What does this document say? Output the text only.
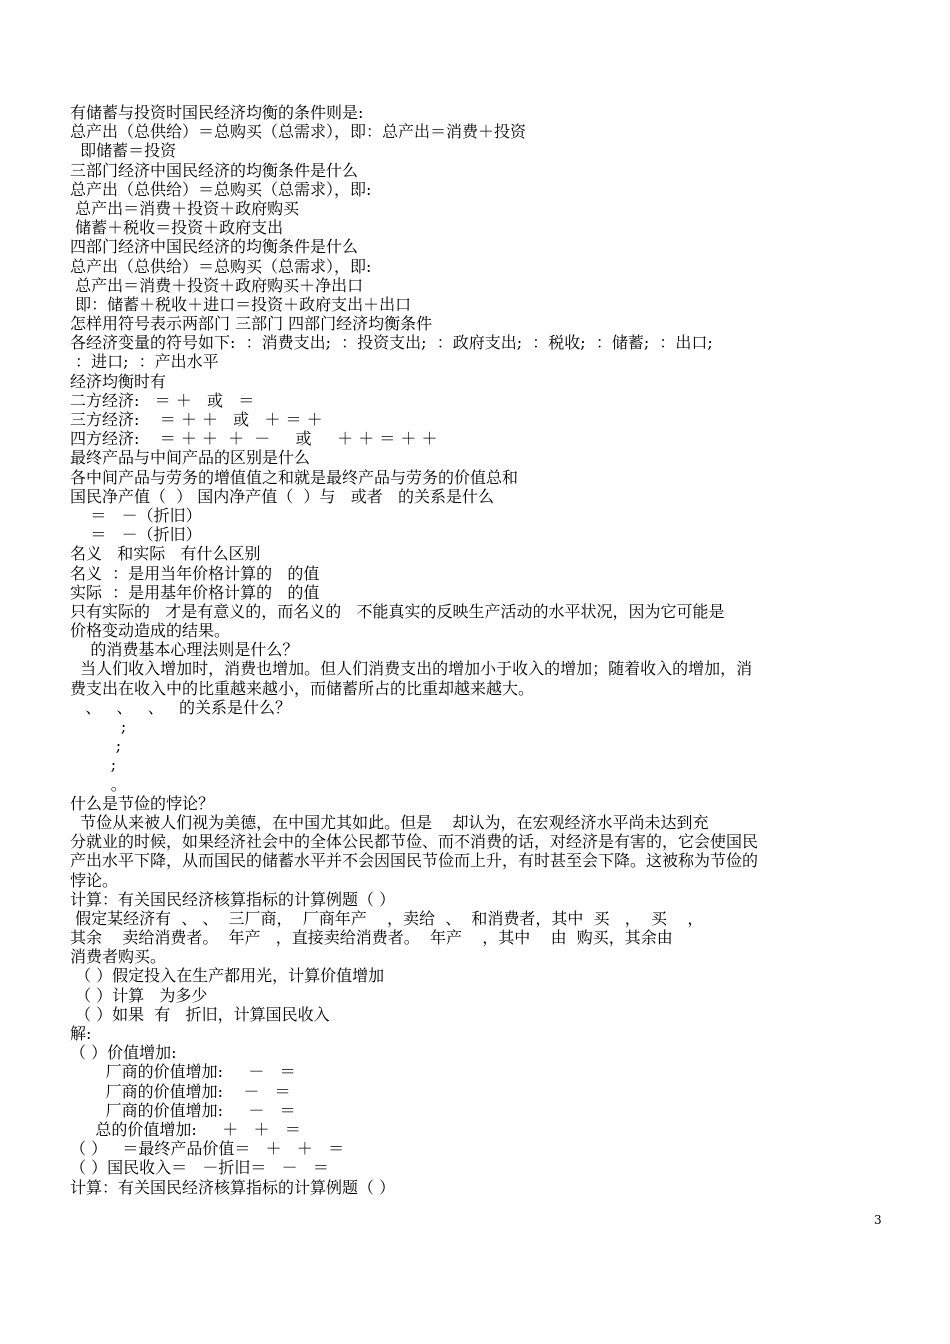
有储蓄与投资时国民经济均衡的条件则是:
总产出（总供给）＝总购买（总需求），即：总产出＝消费＋投资
即储蓄＝投资
三部门经济中国民经济的均衡条件是什么
总产出（总供给）＝总购买（总需求），即:
总产出＝消费＋投资＋政府购买
储蓄＋税收＝投资＋政府支出
四部门经济中国民经济的均衡条件是什么
总产出（总供给）＝总购买（总需求），即:
总产出＝消费＋投资＋政府购买＋净出口
即：储蓄＋税收＋进口＝投资＋政府支出＋出口
怎样用符号表示两部门 三部门 四部门经济均衡条件
各经济变量的符号如下:  ：消费支出;  ：投资支出;  ：政府支出;  ：税收;  ：储蓄;  ：出口;
：进口;  ：产出水平
经济均衡时有
二方经济:   ＝ ＋   或   ＝
三方经济:    ＝ ＋ ＋   或   ＋ ＝ ＋
四方经济:    ＝ ＋ ＋  ＋  －     或     ＋ ＋ ＝ ＋ ＋
最终产品与中间产品的区别是什么
各中间产品与劳务的增值值之和就是最终产品与劳务的价值总和
国民净产值（  ） 国内净产值（  ）与   或者   的关系是什么
＝   －（折旧）
＝   －（折旧）
名义   和实际   有什么区别
名义  ：是用当年价格计算的   的值
实际  ：是用基年价格计算的   的值
只有实际的   才是有意义的，而名义的   不能真实的反映生产活动的水平状况，因为它可能是
价格变动造成的结果。
的消费基本心理法则是什么？
当人们收入增加时，消费也增加。但人们消费支出的增加小于收入的增加；随着收入的增加，消
费支出在收入中的比重越来越小，而储蓄所占的比重却越来越大。
、   、   、   的关系是什么？
;
;
;
。
什么是节俭的悖论？
节俭从来被人们视为美德，在中国尤其如此。但是    却认为，在宏观经济水平尚未达到充
分就业的时候，如果经济社会中的全体公民都节俭、而不消费的话，对经济是有害的，它会使国民
产出水平下降，从而国民的储蓄水平并不会因国民节俭而上升，有时甚至会下降。这被称为节俭的
悖论。
计算：有关国民经济核算指标的计算例题（ ）
假定某经济有  、 、  三厂商，  厂商年产    ，卖给  、  和消费者，其中  买   ，  买    ，
其余    卖给消费者。  年产   ，直接卖给消费者。  年产    ，其中    由  购买，其余由
消费者购买。
（ ）假定投入在生产都用光，计算价值增加
（ ）计算   为多少
（ ）如果  有   折旧，计算国民收入
解:
（ ）价值增加:
厂商的价值增加:     －   ＝
厂商的价值增加:    －   ＝
厂商的价值增加:     －   ＝
总的价值增加:     ＋   ＋   ＝
（ ）   ＝最终产品价值＝   ＋   ＋   ＝
（ ）国民收入＝   －折旧＝   －   ＝
计算：有关国民经济核算指标的计算例题（ ）
3
